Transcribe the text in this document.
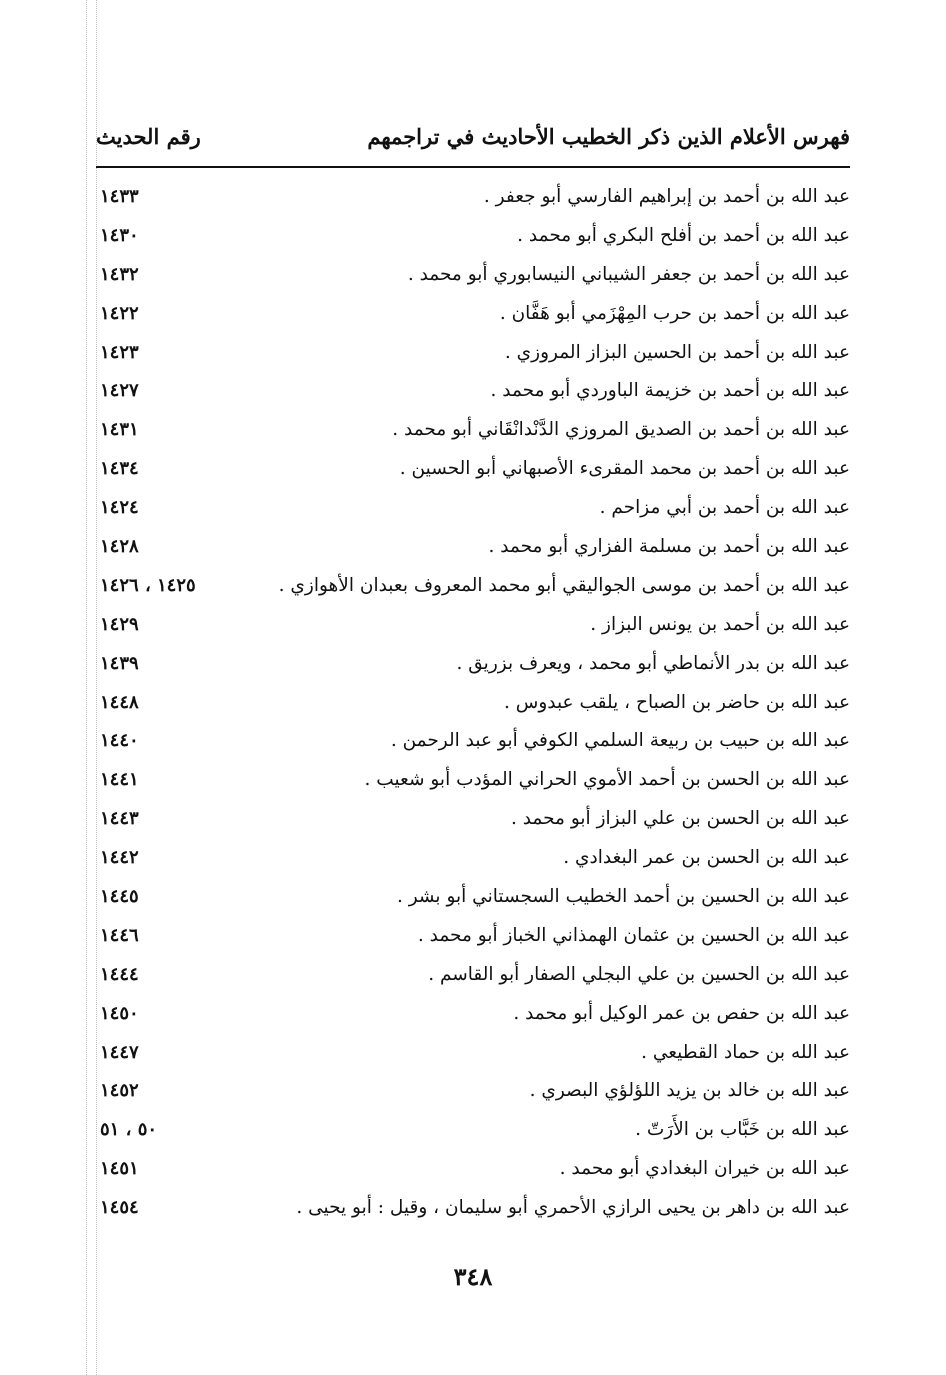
فهرس الأعلام الذين ذكر الخطيب الأحاديث في تراجمهم
رقم الحديث
عبد الله بن أحمد بن إبراهيم الفارسي أبو جعفر .
١٤٣٣
عبد الله بن أحمد بن أفلح البكري أبو محمد .
١٤٣٠
عبد الله بن أحمد بن جعفر الشيباني النيسابوري أبو محمد .
١٤٣٢
عبد الله بن أحمد بن حرب المِهْزَمي أبو هَفَّان .
١٤٢٢
عبد الله بن أحمد بن الحسين البزاز المروزي .
١٤٢٣
عبد الله بن أحمد بن خزيمة الباوردي أبو محمد .
١٤٢٧
عبد الله بن أحمد بن الصديق المروزي الدَّنْدانْقَاني أبو محمد .
١٤٣١
عبد الله بن أحمد بن محمد المقرىء الأصبهاني أبو الحسين .
١٤٣٤
عبد الله بن أحمد بن أبي مزاحم .
١٤٢٤
عبد الله بن أحمد بن مسلمة الفزاري أبو محمد .
١٤٢٨
عبد الله بن أحمد بن موسى الجواليقي أبو محمد المعروف بعبدان الأهوازي .
١٤٢٥ ، ١٤٢٦
عبد الله بن أحمد بن يونس البزاز .
١٤٢٩
عبد الله بن بدر الأنماطي أبو محمد ، ويعرف بزريق .
١٤٣٩
عبد الله بن حاضر بن الصباح ، يلقب عبدوس .
١٤٤٨
عبد الله بن حبيب بن ربيعة السلمي الكوفي أبو عبد الرحمن .
١٤٤٠
عبد الله بن الحسن بن أحمد الأموي الحراني المؤدب أبو شعيب .
١٤٤١
عبد الله بن الحسن بن علي البزاز أبو محمد .
١٤٤٣
عبد الله بن الحسن بن عمر البغدادي .
١٤٤٢
عبد الله بن الحسين بن أحمد الخطيب السجستاني أبو بشر .
١٤٤٥
عبد الله بن الحسين بن عثمان الهمذاني الخباز أبو محمد .
١٤٤٦
عبد الله بن الحسين بن علي البجلي الصفار أبو القاسم .
١٤٤٤
عبد الله بن حفص بن عمر الوكيل أبو محمد .
١٤٥٠
عبد الله بن حماد القطيعي .
١٤٤٧
عبد الله بن خالد بن يزيد اللؤلؤي البصري .
١٤٥٢
عبد الله بن خَبَّاب بن الأَرَتّ .
٥٠ ، ٥١
عبد الله بن خيران البغدادي أبو محمد .
١٤٥١
عبد الله بن داهر بن يحيى الرازي الأحمري أبو سليمان ، وقيل : أبو يحيى .
١٤٥٤
٣٤٨
